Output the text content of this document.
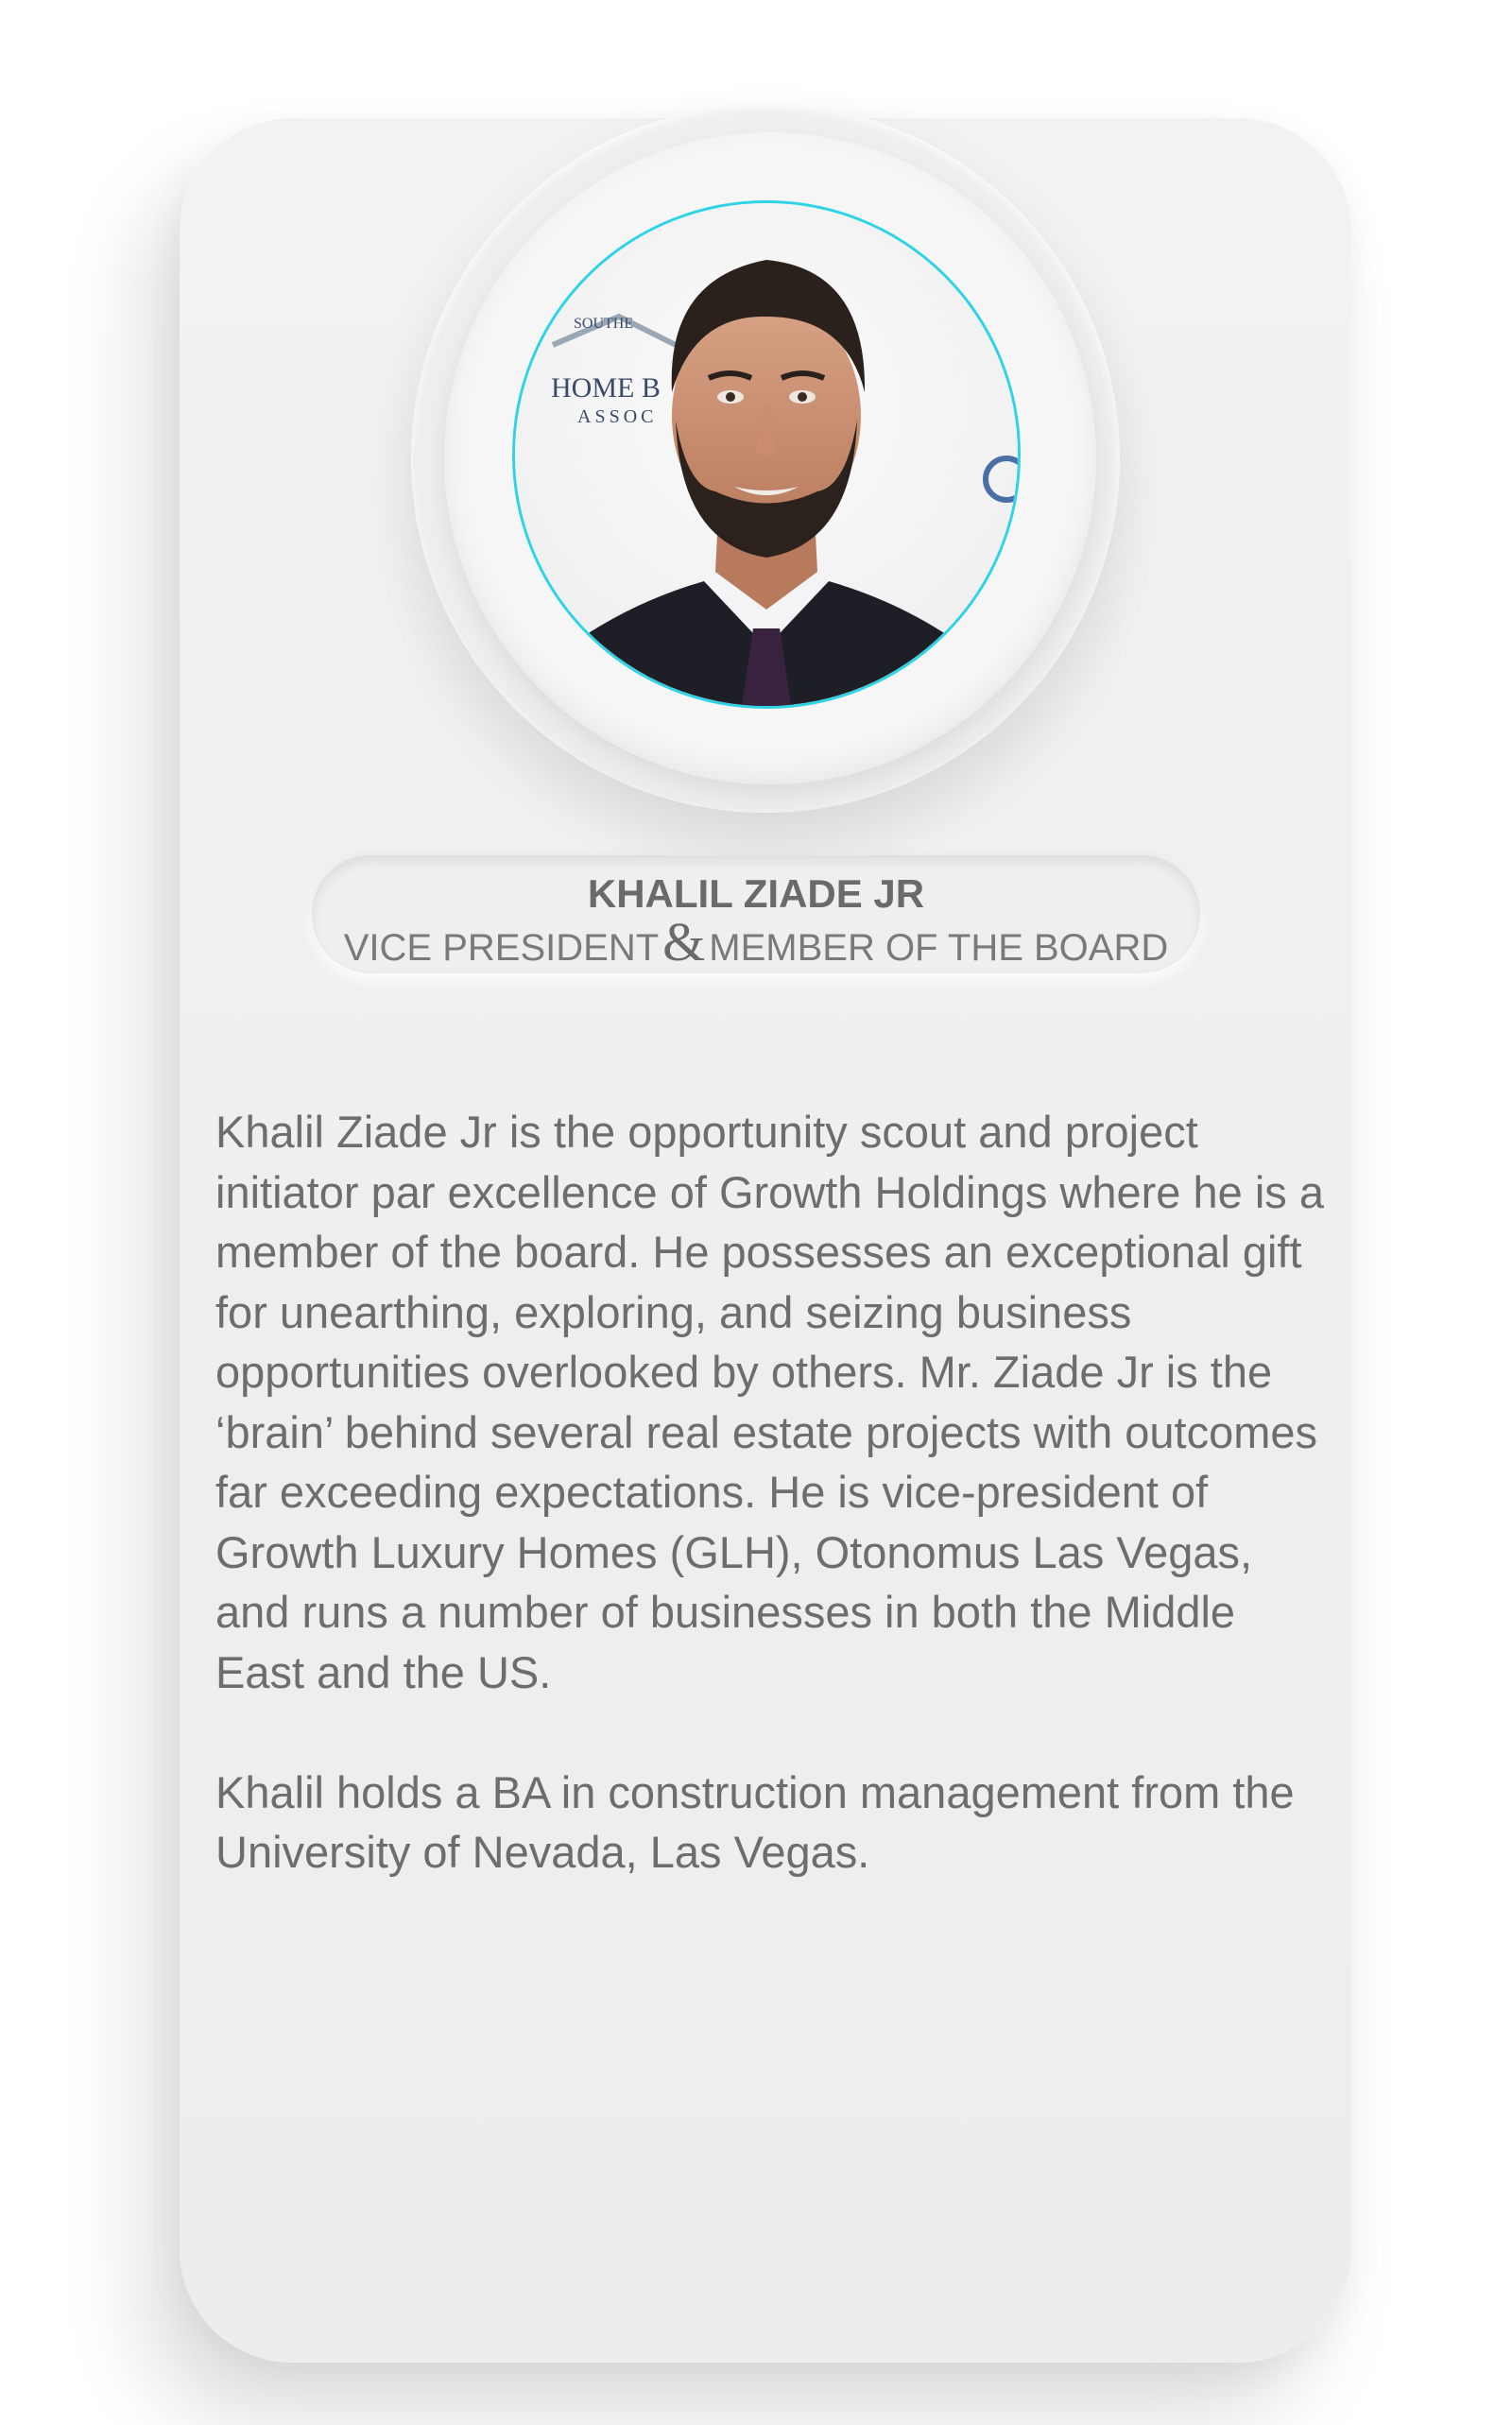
SOUTHE
HOME B
ASSOC
KHALIL ZIADE JR
VICE PRESIDENT& MEMBER OF THE BOARD

Khalil Ziade Jr is the opportunity scout and project initiator par excellence of Growth Holdings where he is a member of the board. He possesses an exceptional gift for unearthing, exploring, and seizing business opportunities overlooked by others. Mr. Ziade Jr is the ‘brain’ behind several real estate projects with outcomes far exceeding expectations. He is vice-president of Growth Luxury Homes (GLH), Otonomus Las Vegas, and runs a number of businesses in both the Middle East and the US.

Khalil holds a BA in construction management from the University of Nevada, Las Vegas.
